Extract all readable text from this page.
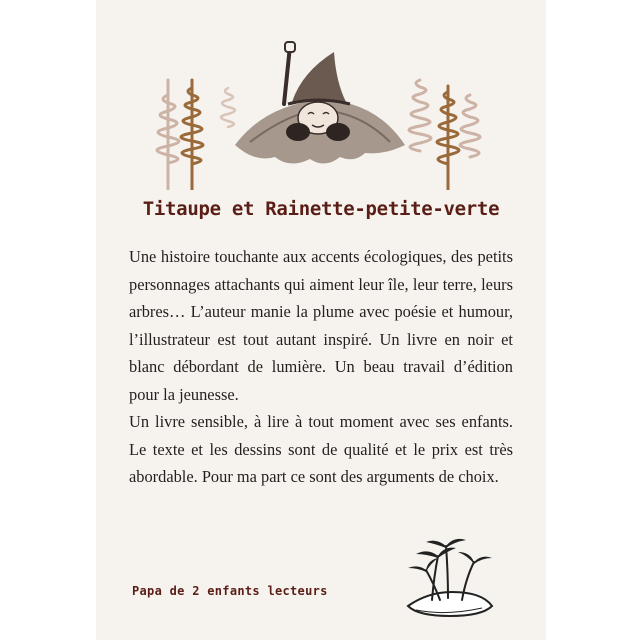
Titaupe et Rainette-petite-verte

Une histoire touchante aux accents écologiques, des petits personnages attachants qui aiment leur île, leur terre, leurs arbres… L’auteur manie la plume avec poésie et humour, l’illustrateur est tout autant inspiré. Un livre en noir et blanc débordant de lumière. Un beau travail d’édition pour la jeunesse.

Un livre sensible, à lire à tout moment avec ses enfants. Le texte et les dessins sont de qualité et le prix est très abordable. Pour ma part ce sont des arguments de choix.

Papa de 2 enfants lecteurs
